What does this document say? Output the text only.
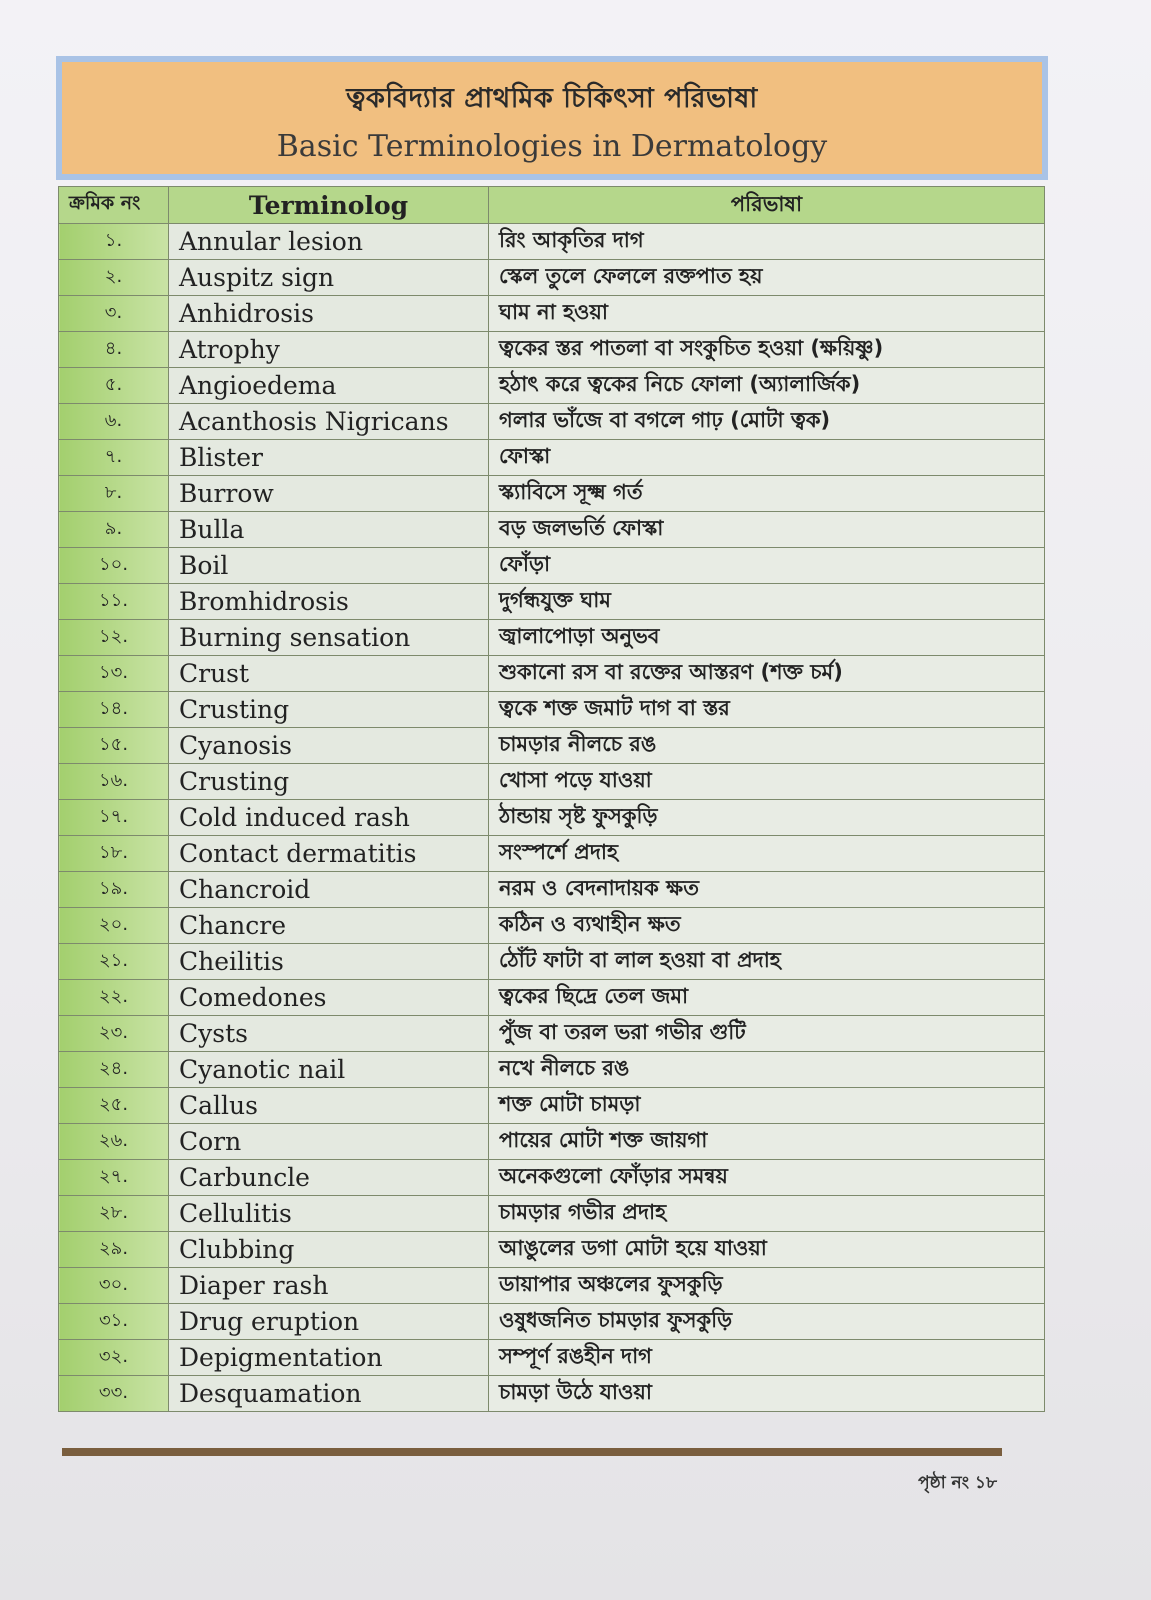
ত্বকবিদ্যার প্রাথমিক চিকিৎসা পরিভাষা
Basic Terminologies in Dermatology
ক্রমিক নং	Terminolog	পরিভাষা
১.	Annular lesion	রিং আকৃতির দাগ
২.	Auspitz sign	স্কেল তুলে ফেললে রক্তপাত হয়
৩.	Anhidrosis	ঘাম না হওয়া
৪.	Atrophy	ত্বকের স্তর পাতলা বা সংকুচিত হওয়া (ক্ষয়িষ্ণু)
৫.	Angioedema	হঠাৎ করে ত্বকের নিচে ফোলা (অ্যালার্জিক)
৬.	Acanthosis Nigricans	গলার ভাঁজে বা বগলে গাঢ় (মোটা ত্বক)
৭.	Blister	ফোস্কা
৮.	Burrow	স্ক্যাবিসে সূক্ষ্ম গর্ত
৯.	Bulla	বড় জলভর্তি ফোস্কা
১০.	Boil	ফোঁড়া
১১.	Bromhidrosis	দুর্গন্ধযুক্ত ঘাম
১২.	Burning sensation	জ্বালাপোড়া অনুভব
১৩.	Crust	শুকানো রস বা রক্তের আস্তরণ (শক্ত চর্ম)
১৪.	Crusting	ত্বকে শক্ত জমাট দাগ বা স্তর
১৫.	Cyanosis	চামড়ার নীলচে রঙ
১৬.	Crusting	খোসা পড়ে যাওয়া
১৭.	Cold induced rash	ঠান্ডায় সৃষ্ট ফুসকুড়ি
১৮.	Contact dermatitis	সংস্পর্শে প্রদাহ
১৯.	Chancroid	নরম ও বেদনাদায়ক ক্ষত
২০.	Chancre	কঠিন ও ব্যথাহীন ক্ষত
২১.	Cheilitis	ঠোঁট ফাটা বা লাল হওয়া বা প্রদাহ
২২.	Comedones	ত্বকের ছিদ্রে তেল জমা
২৩.	Cysts	পুঁজ বা তরল ভরা গভীর গুটি
২৪.	Cyanotic nail	নখে নীলচে রঙ
২৫.	Callus	শক্ত মোটা চামড়া
২৬.	Corn	পায়ের মোটা শক্ত জায়গা
২৭.	Carbuncle	অনেকগুলো ফোঁড়ার সমন্বয়
২৮.	Cellulitis	চামড়ার গভীর প্রদাহ
২৯.	Clubbing	আঙুলের ডগা মোটা হয়ে যাওয়া
৩০.	Diaper rash	ডায়াপার অঞ্চলের ফুসকুড়ি
৩১.	Drug eruption	ওষুধজনিত চামড়ার ফুসকুড়ি
৩২.	Depigmentation	সম্পূর্ণ রঙহীন দাগ
৩৩.	Desquamation	চামড়া উঠে যাওয়া
পৃষ্ঠা নং ১৮
